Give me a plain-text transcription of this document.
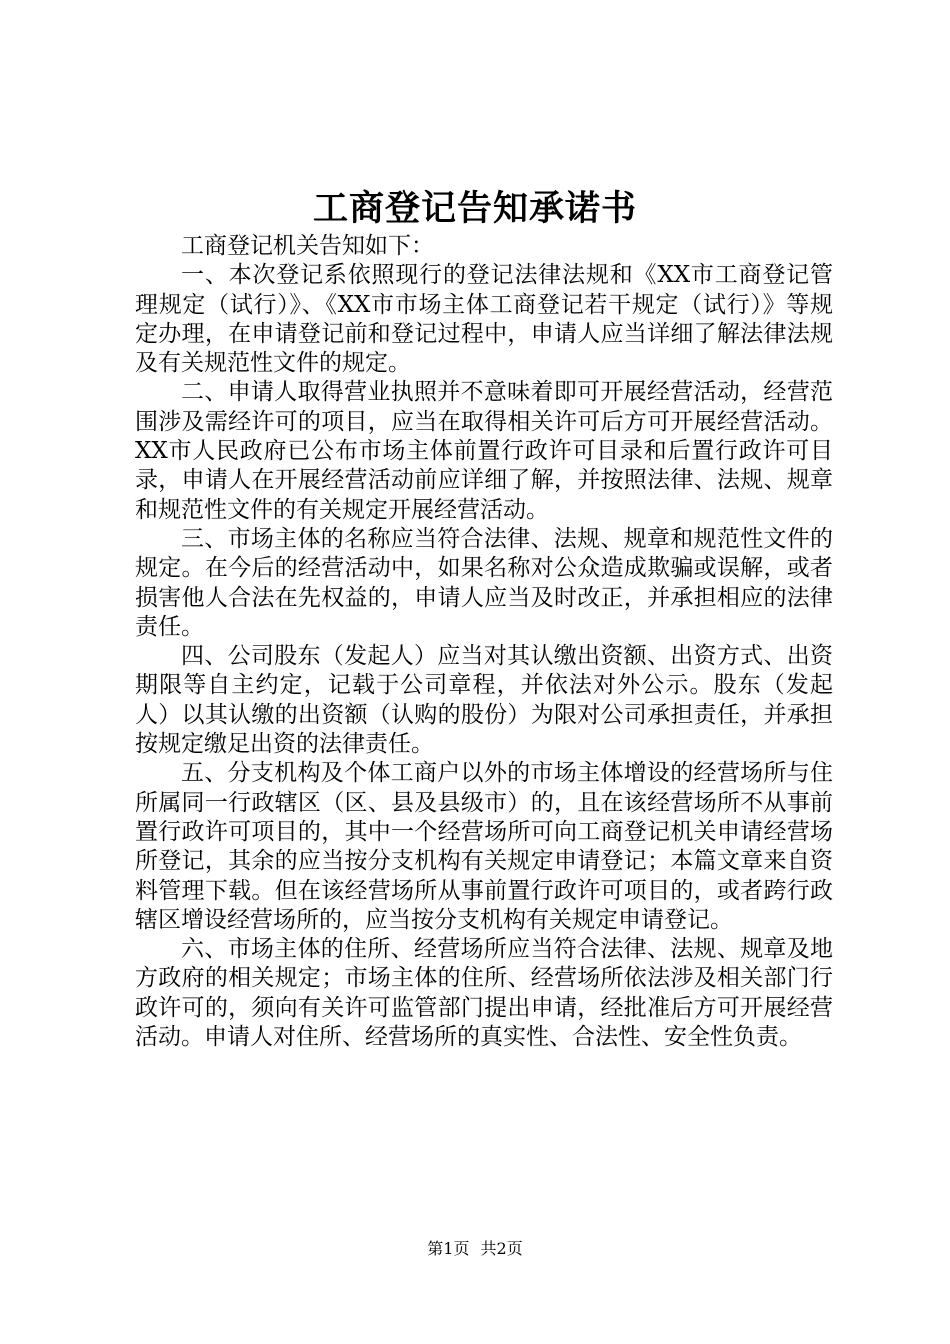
工商登记告知承诺书

工商登记机关告知如下：

一、本次登记系依照现行的登记法律法规和《XX市工商登记管理规定（试行）》、《XX市市场主体工商登记若干规定（试行）》等规定办理，在申请登记前和登记过程中，申请人应当详细了解法律法规及有关规范性文件的规定。

二、申请人取得营业执照并不意味着即可开展经营活动，经营范围涉及需经许可的项目，应当在取得相关许可后方可开展经营活动。XX市人民政府已公布市场主体前置行政许可目录和后置行政许可目录，申请人在开展经营活动前应详细了解，并按照法律、法规、规章和规范性文件的有关规定开展经营活动。

三、市场主体的名称应当符合法律、法规、规章和规范性文件的规定。在今后的经营活动中，如果名称对公众造成欺骗或误解，或者损害他人合法在先权益的，申请人应当及时改正，并承担相应的法律责任。

四、公司股东（发起人）应当对其认缴出资额、出资方式、出资期限等自主约定，记载于公司章程，并依法对外公示。股东（发起人）以其认缴的出资额（认购的股份）为限对公司承担责任，并承担按规定缴足出资的法律责任。

五、分支机构及个体工商户以外的市场主体增设的经营场所与住所属同一行政辖区（区、县及县级市）的，且在该经营场所不从事前置行政许可项目的，其中一个经营场所可向工商登记机关申请经营场所登记，其余的应当按分支机构有关规定申请登记；本篇文章来自资料管理下载。但在该经营场所从事前置行政许可项目的，或者跨行政辖区增设经营场所的，应当按分支机构有关规定申请登记。

六、市场主体的住所、经营场所应当符合法律、法规、规章及地方政府的相关规定；市场主体的住所、经营场所依法涉及相关部门行政许可的，须向有关许可监管部门提出申请，经批准后方可开展经营活动。申请人对住所、经营场所的真实性、合法性、安全性负责。

第1页 共2页
